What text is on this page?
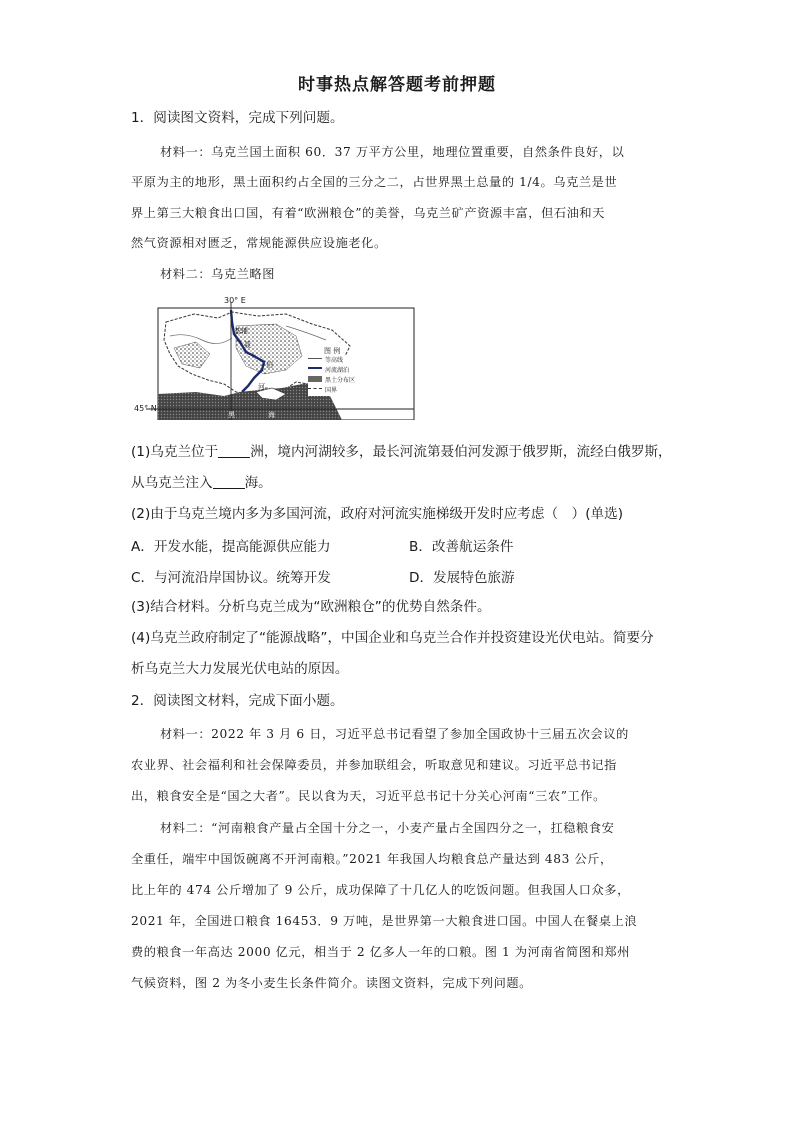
时事热点解答题考前押题
1．阅读图文资料，完成下列问题。
材料一：乌克兰国土面积 60．37 万平方公里，地理位置重要，自然条件良好，以
平原为主的地形，黑土面积约占全国的三分之二，占世界黑土总量的 1/4。乌克兰是世
界上第三大粮食出口国，有着“欧洲粮仓”的美誉，乌克兰矿产资源丰富，但石油和天
然气资源相对匮乏，常规能源供应设施老化。
材料二：乌克兰略图
30° E
45° N
基辅
聂
伯
河
黑	海
图 例
等高线
河流湖泊
黑土分布区
国界
(1)乌克兰位于 洲，境内河湖较多，最长河流第聂伯河发源于俄罗斯，流经白俄罗斯，
从乌克兰注入 海。
(2)由于乌克兰境内多为多国河流，政府对河流实施梯级开发时应考虑（　）(单选)
A．开发水能，提高能源供应能力	B．改善航运条件
C．与河流沿岸国协议。统筹开发	D．发展特色旅游
(3)结合材料。分析乌克兰成为“欧洲粮仓”的优势自然条件。
(4)乌克兰政府制定了“能源战略”，中国企业和乌克兰合作并投资建设光伏电站。简要分
析乌克兰大力发展光伏电站的原因。
2．阅读图文材料，完成下面小题。
材料一：2022 年 3 月 6 日，习近平总书记看望了参加全国政协十三届五次会议的
农业界、社会福利和社会保障委员，并参加联组会，听取意见和建议。习近平总书记指
出，粮食安全是“国之大者”。民以食为天，习近平总书记十分关心河南“三农”工作。
材料二：“河南粮食产量占全国十分之一，小麦产量占全国四分之一，扛稳粮食安
全重任，端牢中国饭碗离不开河南粮。”2021 年我国人均粮食总产量达到 483 公斤，
比上年的 474 公斤增加了 9 公斤，成功保障了十几亿人的吃饭问题。但我国人口众多，
2021 年，全国进口粮食 16453．9 万吨，是世界第一大粮食进口国。中国人在餐桌上浪
费的粮食一年高达 2000 亿元，相当于 2 亿多人一年的口粮。图 1 为河南省简图和郑州
气候资料，图 2 为冬小麦生长条件简介。读图文资料，完成下列问题。
